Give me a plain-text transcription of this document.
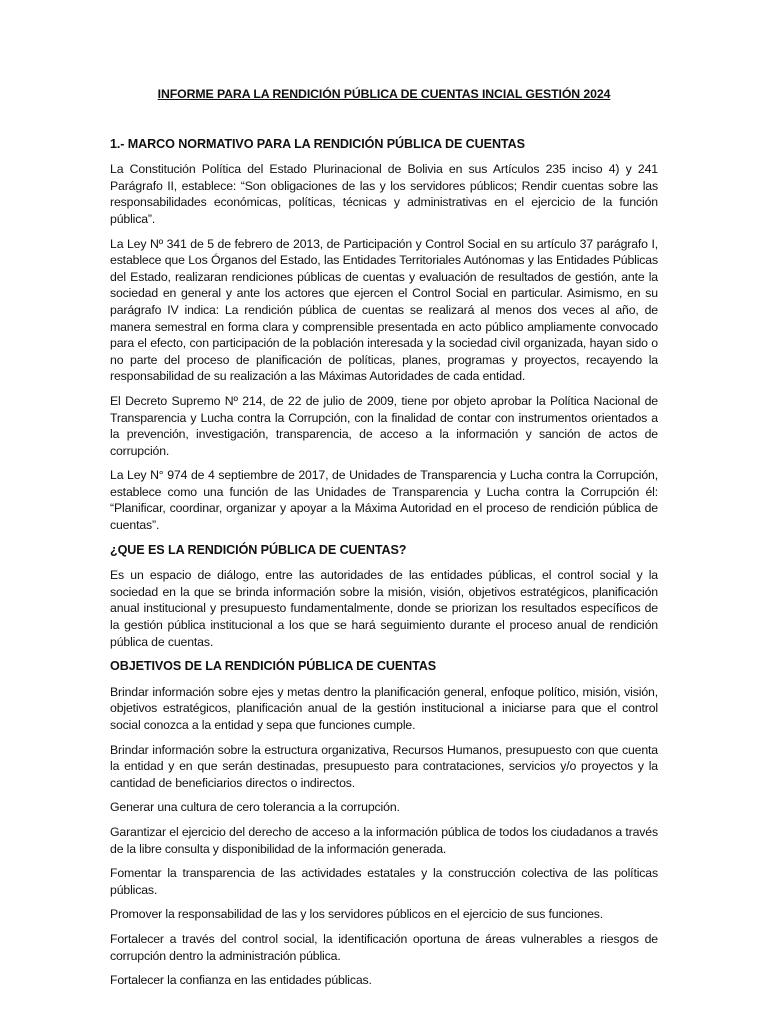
INFORME PARA LA RENDICIÓN PÚBLICA DE CUENTAS INCIAL GESTIÓN 2024
1.- MARCO NORMATIVO PARA LA RENDICIÓN PÚBLICA DE CUENTAS

La Constitución Política del Estado Plurinacional de Bolivia en sus Artículos 235 inciso 4) y 241 Parágrafo II, establece: “Son obligaciones de las y los servidores públicos; Rendir cuentas sobre las responsabilidades económicas, políticas, técnicas y administrativas en el ejercicio de la función pública”.

La Ley Nº 341 de 5 de febrero de 2013, de Participación y Control Social en su artículo 37 parágrafo I, establece que Los Órganos del Estado, las Entidades Territoriales Autónomas y las Entidades Públicas del Estado, realizaran rendiciones públicas de cuentas y evaluación de resultados de gestión, ante la sociedad en general y ante los actores que ejercen el Control Social en particular. Asimismo, en su parágrafo IV indica: La rendición pública de cuentas se realizará al menos dos veces al año, de manera semestral en forma clara y comprensible presentada en acto público ampliamente convocado para el efecto, con participación de la población interesada y la sociedad civil organizada, hayan sido o no parte del proceso de planificación de políticas, planes, programas y proyectos, recayendo la responsabilidad de su realización a las Máximas Autoridades de cada entidad.

El Decreto Supremo Nº 214, de 22 de julio de 2009, tiene por objeto aprobar la Política Nacional de Transparencia y Lucha contra la Corrupción, con la finalidad de contar con instrumentos orientados a la prevención, investigación, transparencia, de acceso a la información y sanción de actos de corrupción.

La Ley N° 974 de 4 septiembre de 2017, de Unidades de Transparencia y Lucha contra la Corrupción, establece como una función de las Unidades de Transparencia y Lucha contra la Corrupción él: “Planificar, coordinar, organizar y apoyar a la Máxima Autoridad en el proceso de rendición pública de cuentas”.

¿QUE ES LA RENDICIÓN PÚBLICA DE CUENTAS?

Es un espacio de diálogo, entre las autoridades de las entidades públicas, el control social y la sociedad en la que se brinda información sobre la misión, visión, objetivos estratégicos, planificación anual institucional y presupuesto fundamentalmente, donde se priorizan los resultados específicos de la gestión pública institucional a los que se hará seguimiento durante el proceso anual de rendición pública de cuentas.

OBJETIVOS DE LA RENDICIÓN PÚBLICA DE CUENTAS

Brindar información sobre ejes y metas dentro la planificación general, enfoque político, misión, visión, objetivos estratégicos, planificación anual de la gestión institucional a iniciarse para que el control social conozca a la entidad y sepa que funciones cumple.

Brindar información sobre la estructura organizativa, Recursos Humanos, presupuesto con que cuenta la entidad y en que serán destinadas, presupuesto para contrataciones, servicios y/o proyectos y la cantidad de beneficiarios directos o indirectos.

Generar una cultura de cero tolerancia a la corrupción.

Garantizar el ejercicio del derecho de acceso a la información pública de todos los ciudadanos a través de la libre consulta y disponibilidad de la información generada.

Fomentar la transparencia de las actividades estatales y la construcción colectiva de las políticas públicas.

Promover la responsabilidad de las y los servidores públicos en el ejercicio de sus funciones.

Fortalecer a través del control social, la identificación oportuna de áreas vulnerables a riesgos de corrupción dentro la administración pública.

Fortalecer la confianza en las entidades públicas.
